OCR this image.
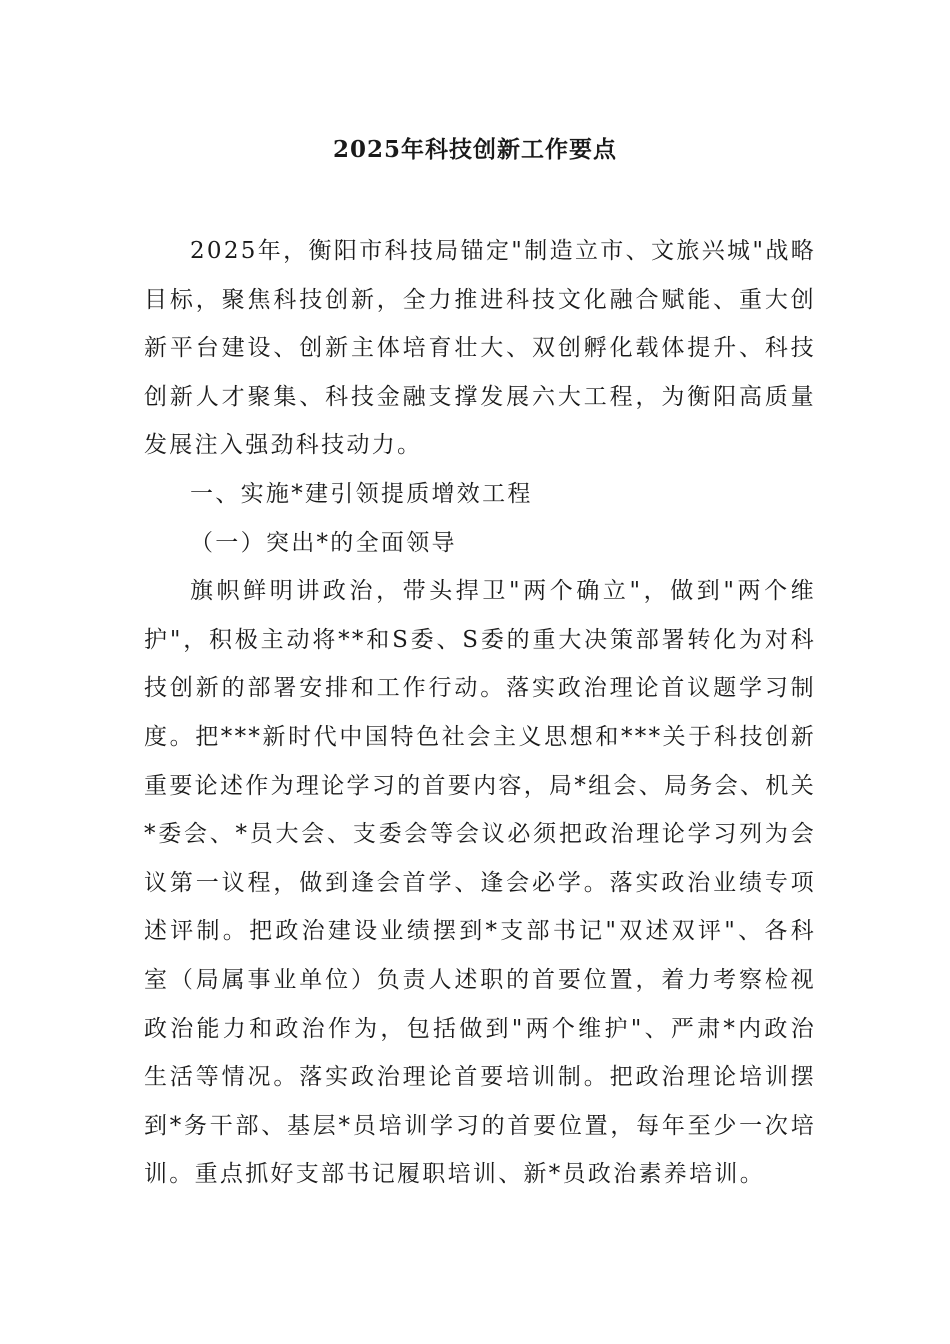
2025年科技创新工作要点

2025年，衡阳市科技局锚定"制造立市、文旅兴城"战略目标，聚焦科技创新，全力推进科技文化融合赋能、重大创新平台建设、创新主体培育壮大、双创孵化载体提升、科技创新人才聚集、科技金融支撑发展六大工程，为衡阳高质量发展注入强劲科技动力。

一、实施*建引领提质增效工程

（一）突出*的全面领导

旗帜鲜明讲政治，带头捍卫"两个确立"，做到"两个维护"，积极主动将**和S委、S委的重大决策部署转化为对科技创新的部署安排和工作行动。落实政治理论首议题学习制度。把***新时代中国特色社会主义思想和***关于科技创新重要论述作为理论学习的首要内容，局*组会、局务会、机关*委会、*员大会、支委会等会议必须把政治理论学习列为会议第一议程，做到逢会首学、逢会必学。落实政治业绩专项述评制。把政治建设业绩摆到*支部书记"双述双评"、各科室（局属事业单位）负责人述职的首要位置，着力考察检视政治能力和政治作为，包括做到"两个维护"、严肃*内政治生活等情况。落实政治理论首要培训制。把政治理论培训摆到*务干部、基层*员培训学习的首要位置，每年至少一次培训。重点抓好支部书记履职培训、新*员政治素养培训。
